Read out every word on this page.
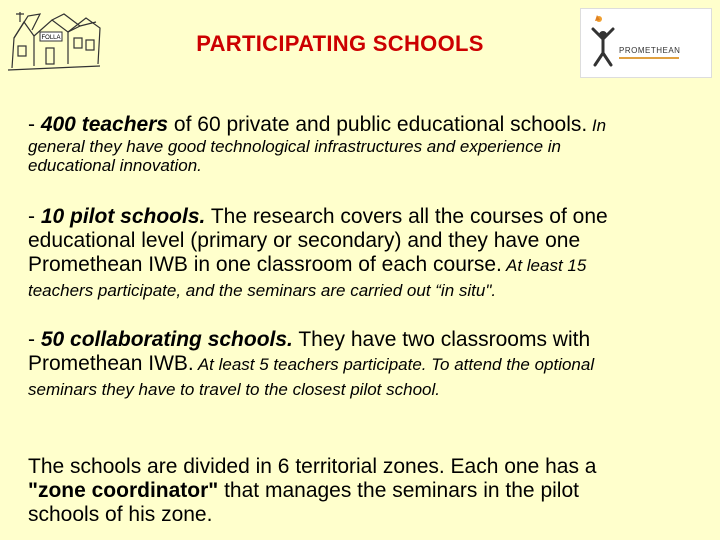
FOLLA	PARTICIPATING SCHOOLS	PROMETHEAN
- 400 teachers of 60 private and public educational schools. In
general they have good technological infrastructures and experience in
educational innovation.
- 10 pilot schools. The research covers all the courses of one
educational level (primary or secondary) and they have one
Promethean IWB in one classroom of each course. At least 15
teachers participate, and the seminars are carried out “in situ".
- 50 collaborating schools. They have two classrooms with
Promethean IWB. At least 5 teachers participate. To attend the optional
seminars they have to travel to the closest pilot school.
The schools are divided in 6 territorial zones. Each one has a
"zone coordinator" that manages the seminars in the pilot
schools of his zone.
